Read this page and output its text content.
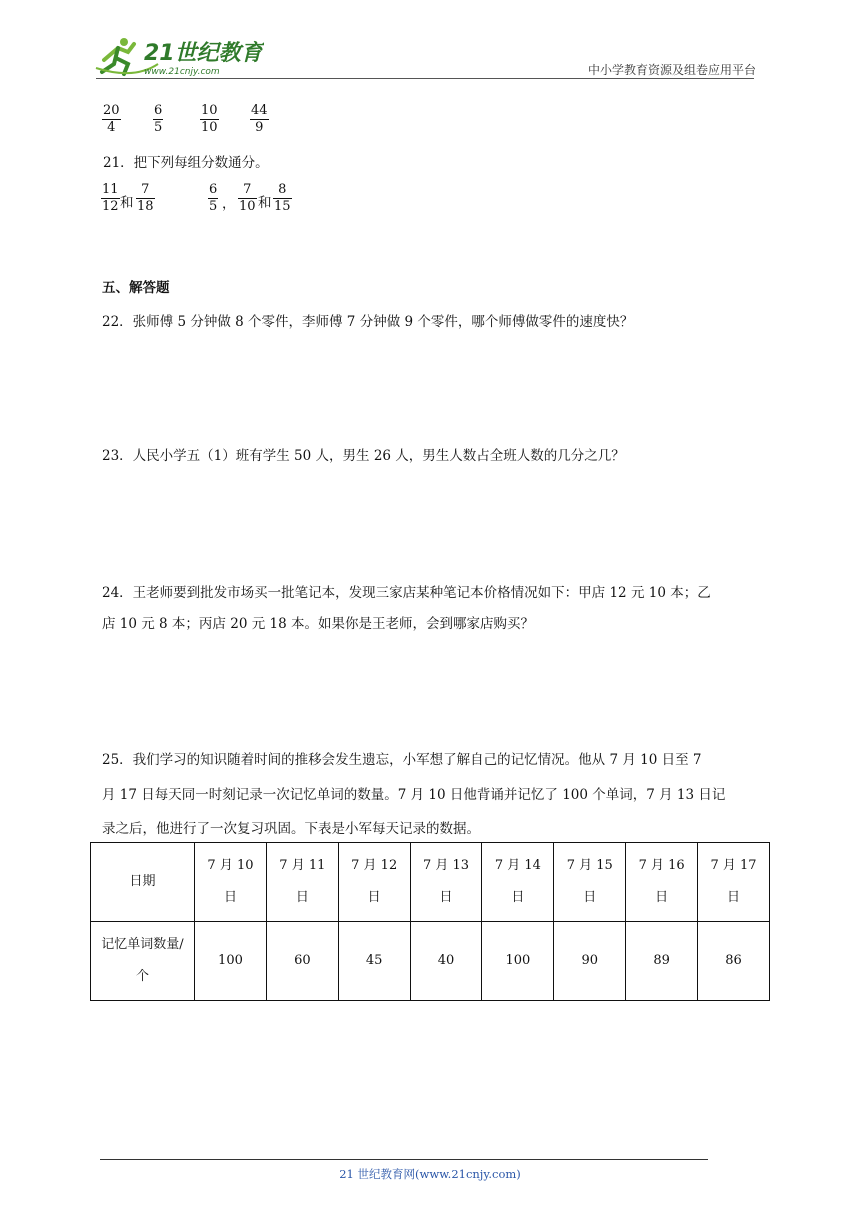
21世纪教育
www.21cnjy.com	中小学教育资源及组卷应用平台
20
4
6
5
10
10
44
9
21．把下列每组分数通分。
11
12 和
7
18
6
5 ，
7
10 和
8
15
五、解答题
22．张师傅 5 分钟做 8 个零件，李师傅 7 分钟做 9 个零件，哪个师傅做零件的速度快？
23．人民小学五（1）班有学生 50 人，男生 26 人，男生人数占全班人数的几分之几？
24．王老师要到批发市场买一批笔记本，发现三家店某种笔记本价格情况如下：甲店 12 元 10 本；乙
店 10 元 8 本；丙店 20 元 18 本。如果你是王老师，会到哪家店购买？
25．我们学习的知识随着时间的推移会发生遗忘，小军想了解自己的记忆情况。他从 7 月 10 日至 7
月 17 日每天同一时刻记录一次记忆单词的数量。7 月 10 日他背诵并记忆了 100 个单词，7 月 13 日记
录之后，他进行了一次复习巩固。下表是小军每天记录的数据。
日期	7 月 10 日	7 月 11 日	7 月 12 日	7 月 13 日	7 月 14 日	7 月 15 日	7 月 16 日	7 月 17 日
记忆单词数量/个	100	60	45	40	100	90	89	86
21 世纪教育网(www.21cnjy.com)
